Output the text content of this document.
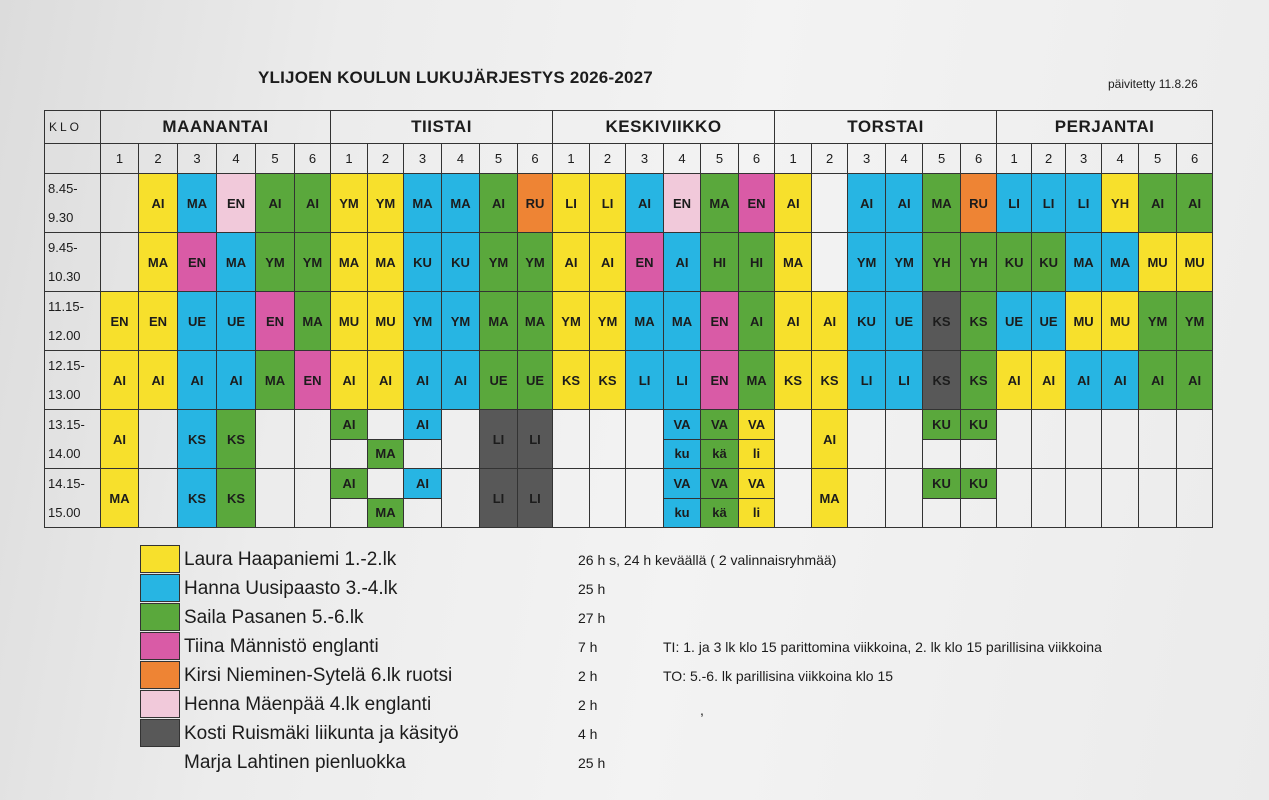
YLIJOEN KOULUN LUKUJÄRJESTYS 2026-2027	päivitetty 11.8.26
KLO	MAANANTAI						TIISTAI						KESKIVIIKKO						TORSTAI						PERJANTAI					
	1	2	3	4	5	6	1	2	3	4	5	6	1	2	3	4	5	6	1	2	3	4	5	6	1	2	3	4	5	6

8.45-
9.30		AI	MA	EN	AI	AI	YM	YM	MA	MA	AI	RU	LI	LI	AI	EN	MA	EN	AI		AI	AI	MA	RU	LI	LI	LI	YH	AI	AI

9.45-
10.30		MA	EN	MA	YM	YM	MA	MA	KU	KU	YM	YM	AI	AI	EN	AI	HI	HI	MA		YM	YM	YH	YH	KU	KU	MA	MA	MU	MU

11.15-
12.00	EN	EN	UE	UE	EN	MA	MU	MU	YM	YM	MA	MA	YM	YM	MA	MA	EN	AI	AI	AI	KU	UE	KS	KS	UE	UE	MU	MU	YM	YM

12.15-
13.00	AI	AI	AI	AI	MA	EN	AI	AI	AI	AI	UE	UE	KS	KS	LI	LI	EN	MA	KS	KS	LI	LI	KS	KS	AI	AI	AI	AI	AI	AI

13.15-
14.00	AI		KS	KS			AI		AI		LI	LI				VA	VA	VA		AI			KU	KU						
								MA								ku	kä	li												

14.15-
15.00	MA		KS	KS			AI		AI		LI	LI				VA	VA	VA		MA			KU	KU						
								MA								ku	kä	li												
Laura Haapaniemi 1.-2.lk	26 h s, 24 h keväällä ( 2 valinnaisryhmää)
Hanna Uusipaasto 3.-4.lk	25 h
Saila Pasanen 5.-6.lk	27 h
Tiina Männistö englanti	7 h	TI: 1. ja 3 lk klo 15 parittomina viikkoina, 2. lk klo 15 parillisina viikkoina
Kirsi Nieminen-Sytelä 6.lk ruotsi	2 h	TO: 5.-6. lk parillisina viikkoina klo 15
Henna Mäenpää 4.lk englanti	2 h
Kosti Ruismäki liikunta ja käsityö	4 h
Marja Lahtinen pienluokka	25 h
,
